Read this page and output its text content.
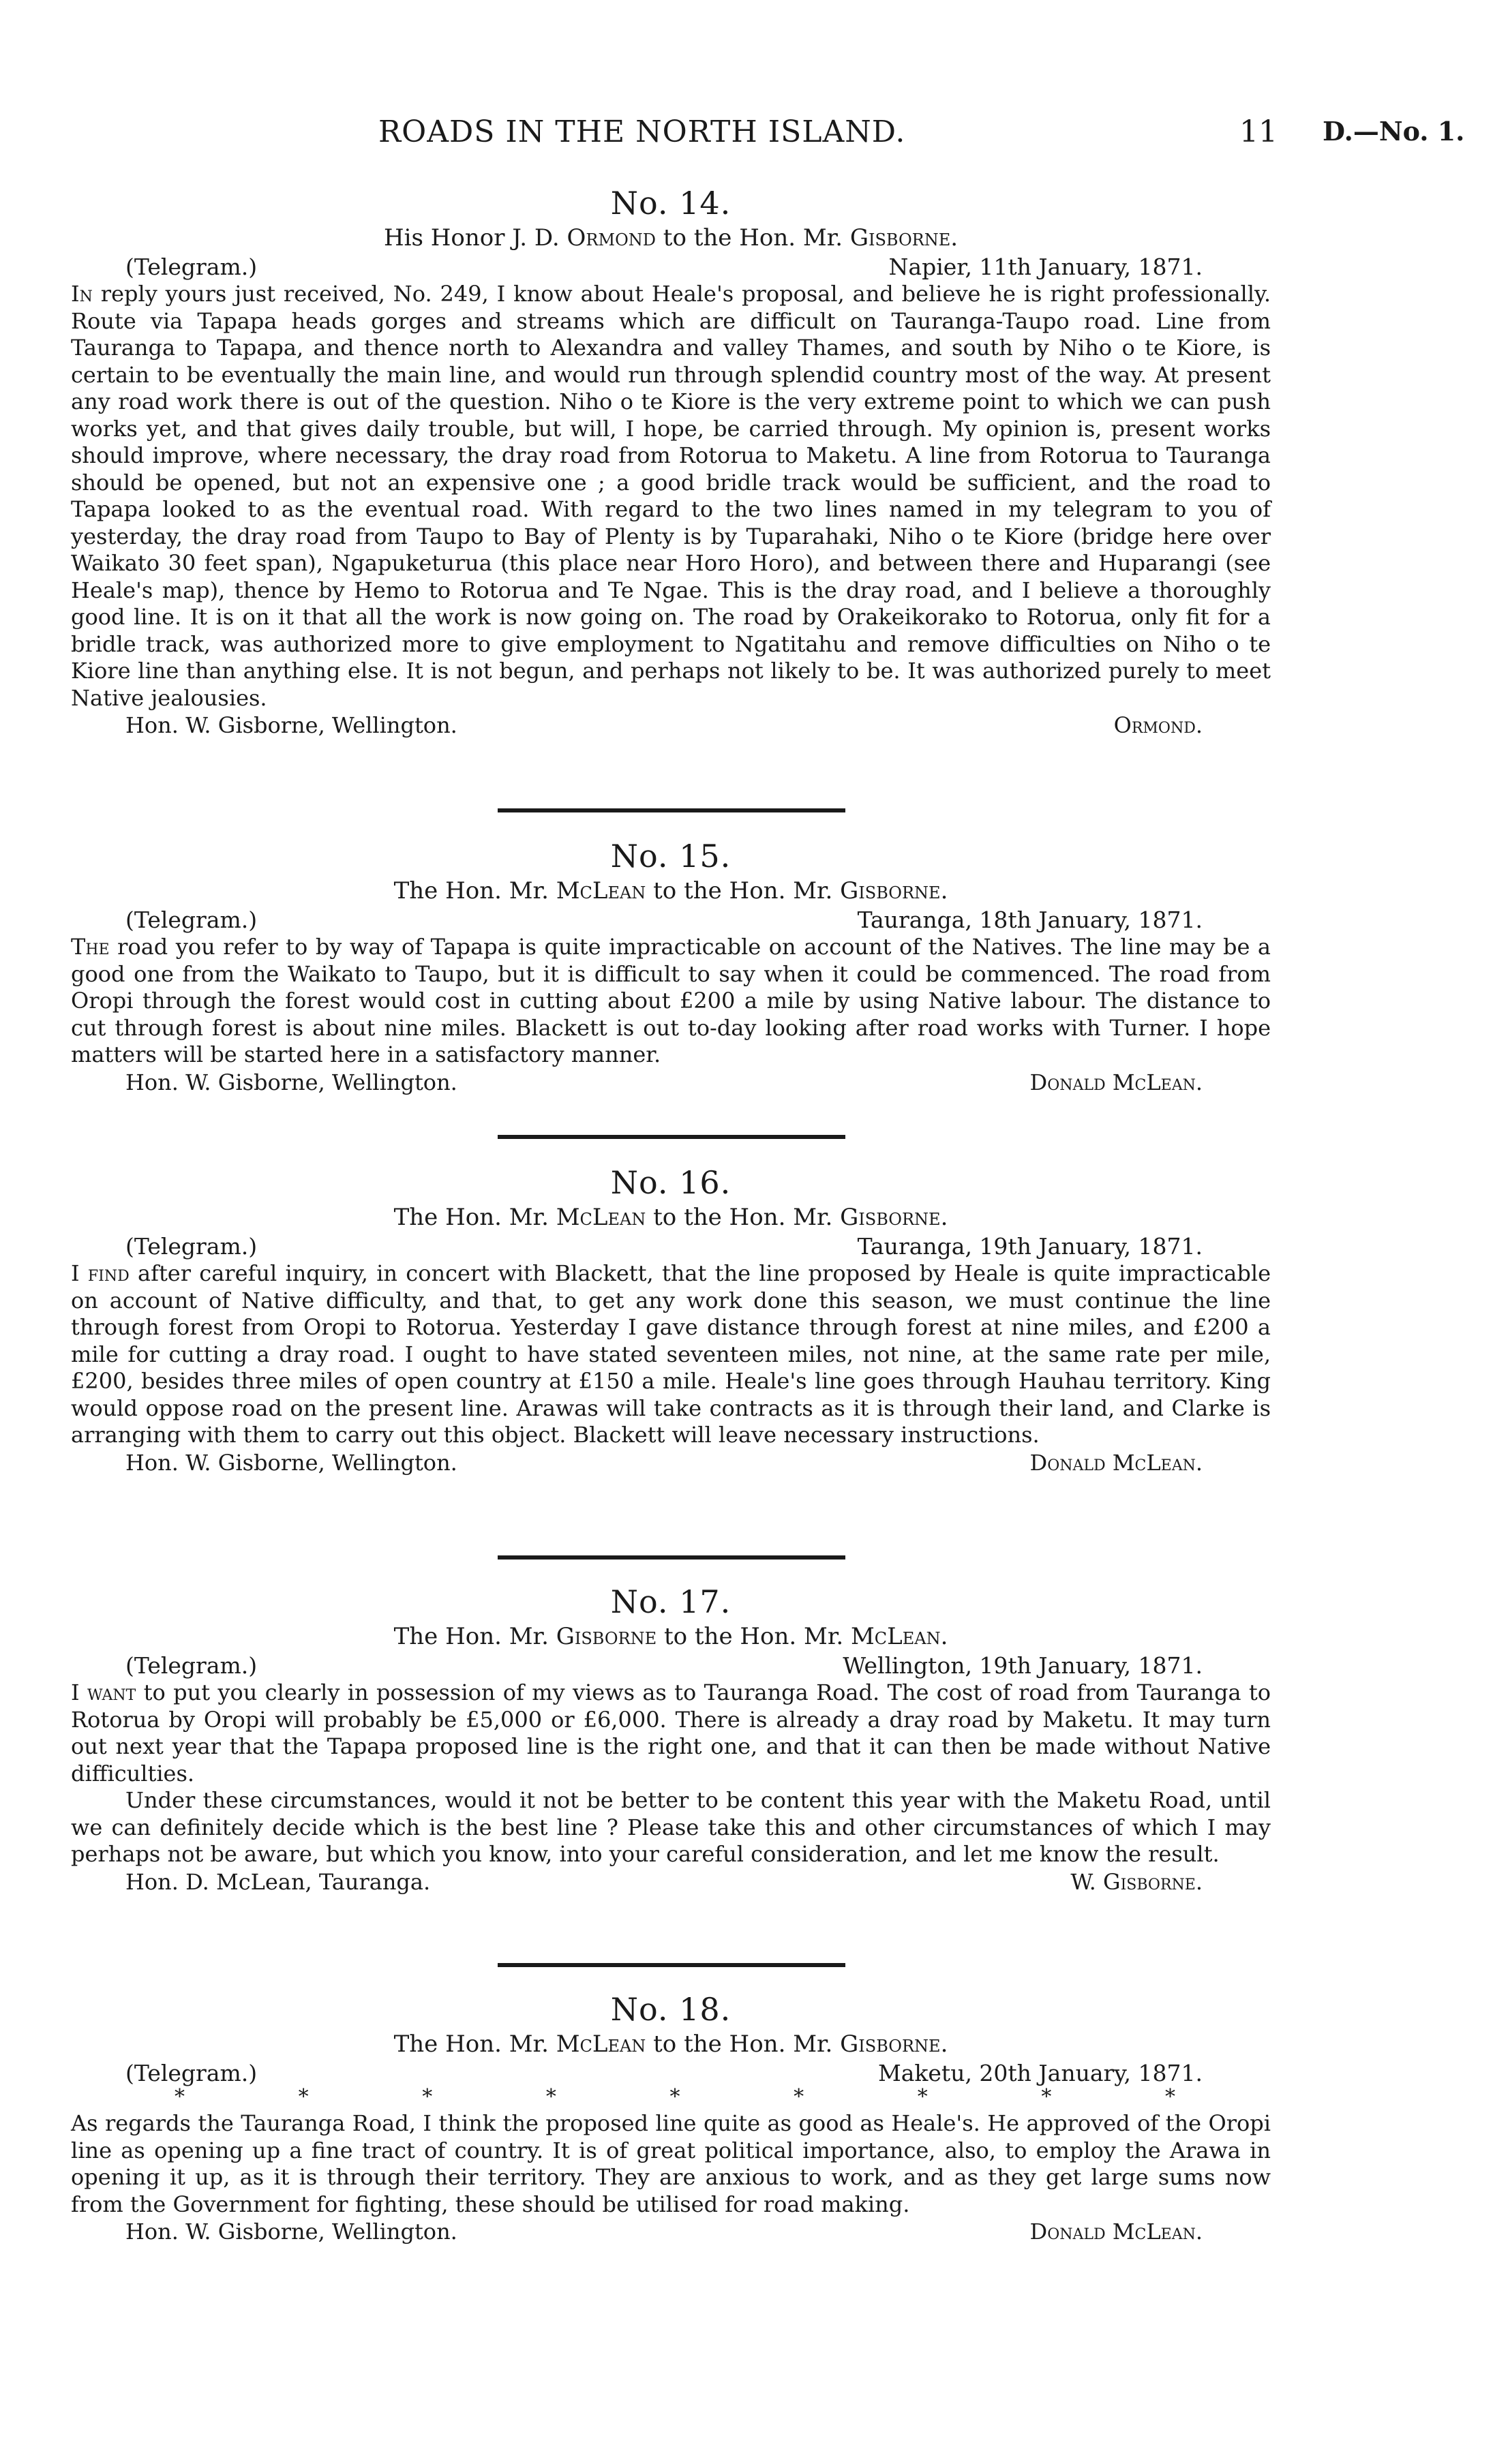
ROADS IN THE NORTH ISLAND.	11 D.—No. 1.
No. 14.
His Honor J. D. Ormond to the Hon. Mr. Gisborne.
(Telegram.)	Napier, 11th January, 1871.

In reply yours just received, No. 249, I know about Heale's proposal, and believe he is right professionally. Route via Tapapa heads gorges and streams which are difficult on Tauranga-Taupo road. Line from Tauranga to Tapapa, and thence north to Alexandra and valley Thames, and south by Niho o te Kiore, is certain to be eventually the main line, and would run through splendid country most of the way. At present any road work there is out of the question. Niho o te Kiore is the very extreme point to which we can push works yet, and that gives daily trouble, but will, I hope, be carried through. My opinion is, present works should improve, where necessary, the dray road from Rotorua to Maketu. A line from Rotorua to Tauranga should be opened, but not an expensive one ; a good bridle track would be sufficient, and the road to Tapapa looked to as the eventual road. With regard to the two lines named in my telegram to you of yesterday, the dray road from Taupo to Bay of Plenty is by Tuparahaki, Niho o te Kiore (bridge here over Waikato 30 feet span), Ngapuketurua (this place near Horo Horo), and between there and Huparangi (see Heale's map), thence by Hemo to Rotorua and Te Ngae. This is the dray road, and I believe a thoroughly good line. It is on it that all the work is now going on. The road by Orakeikorako to Rotorua, only fit for a bridle track, was authorized more to give employment to Ngatitahu and remove difficulties on Niho o te Kiore line than anything else. It is not begun, and perhaps not likely to be. It was authorized purely to meet Native jealousies.

Hon. W. Gisborne, Wellington.	Ormond.
No. 15.
The Hon. Mr. McLean to the Hon. Mr. Gisborne.
(Telegram.)	Tauranga, 18th January, 1871.

The road you refer to by way of Tapapa is quite impracticable on account of the Natives. The line may be a good one from the Waikato to Taupo, but it is difficult to say when it could be commenced. The road from Oropi through the forest would cost in cutting about £200 a mile by using Native labour. The distance to cut through forest is about nine miles. Blackett is out to-day looking after road works with Turner. I hope matters will be started here in a satisfactory manner.

Hon. W. Gisborne, Wellington.	Donald McLean.
No. 16.
The Hon. Mr. McLean to the Hon. Mr. Gisborne.
(Telegram.)	Tauranga, 19th January, 1871.

I find after careful inquiry, in concert with Blackett, that the line proposed by Heale is quite impracticable on account of Native difficulty, and that, to get any work done this season, we must continue the line through forest from Oropi to Rotorua. Yesterday I gave distance through forest at nine miles, and £200 a mile for cutting a dray road. I ought to have stated seventeen miles, not nine, at the same rate per mile, £200, besides three miles of open country at £150 a mile. Heale's line goes through Hauhau territory. King would oppose road on the present line. Arawas will take contracts as it is through their land, and Clarke is arranging with them to carry out this object. Blackett will leave necessary instructions.

Hon. W. Gisborne, Wellington.	Donald McLean.
No. 17.
The Hon. Mr. Gisborne to the Hon. Mr. McLean.
(Telegram.)	Wellington, 19th January, 1871.

I want to put you clearly in possession of my views as to Tauranga Road. The cost of road from Tauranga to Rotorua by Oropi will probably be £5,000 or £6,000. There is already a dray road by Maketu. It may turn out next year that the Tapapa proposed line is the right one, and that it can then be made without Native difficulties.

Under these circumstances, would it not be better to be content this year with the Maketu Road, until we can definitely decide which is the best line ? Please take this and other circumstances of which I may perhaps not be aware, but which you know, into your careful consideration, and let me know the result.

Hon. D. McLean, Tauranga.	W. Gisborne.
No. 18.
The Hon. Mr. McLean to the Hon. Mr. Gisborne.
(Telegram.)	Maketu, 20th January, 1871.
*	*	*	*	*	*	*	*	*

As regards the Tauranga Road, I think the proposed line quite as good as Heale's. He approved of the Oropi line as opening up a fine tract of country. It is of great political importance, also, to employ the Arawa in opening it up, as it is through their territory. They are anxious to work, and as they get large sums now from the Government for fighting, these should be utilised for road making.

Hon. W. Gisborne, Wellington.	Donald McLean.
